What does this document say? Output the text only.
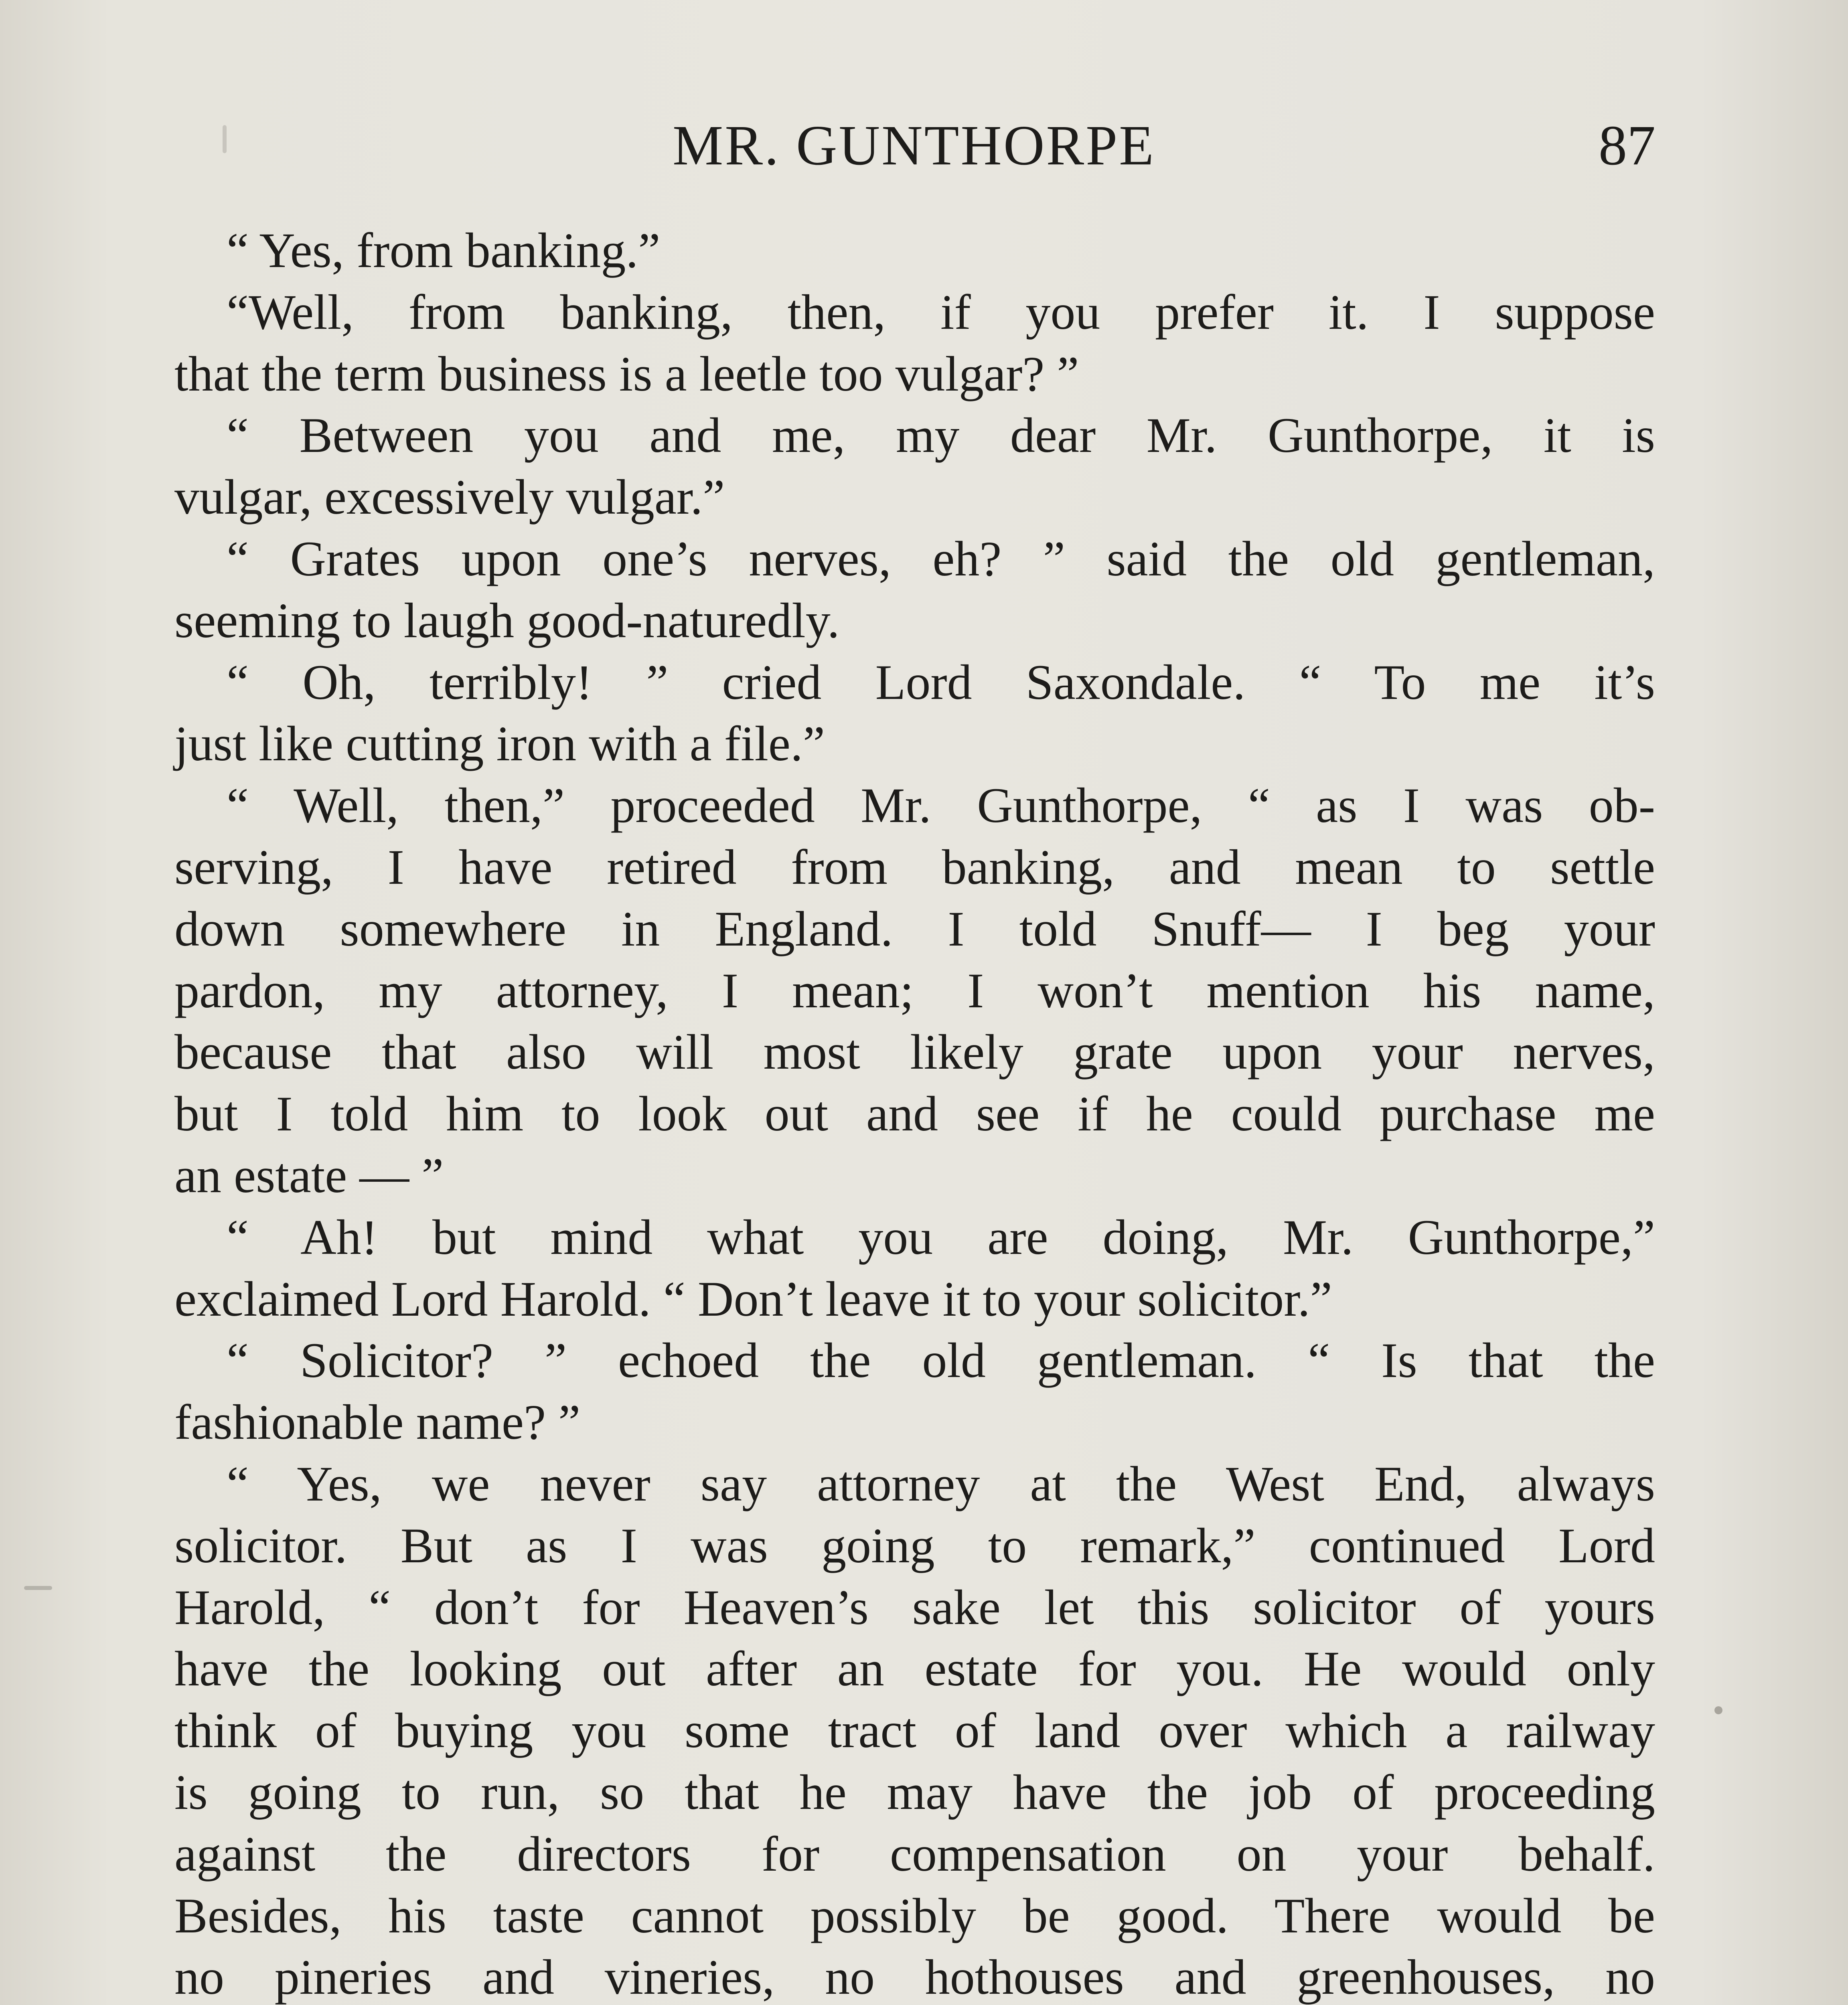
MR. GUNTHORPE	87
“ Yes, from banking.”
“Well, from banking, then, if you prefer it. I suppose
that the term business is a leetle too vulgar? ”
“ Between you and me, my dear Mr. Gunthorpe, it is
vulgar, excessively vulgar.”
“ Grates upon one’s nerves, eh? ” said the old gentleman,
seeming to laugh good-naturedly.
“ Oh, terribly! ” cried Lord Saxondale. “ To me it’s
just like cutting iron with a file.”
“ Well, then,” proceeded Mr. Gunthorpe, “ as I was ob-
serving, I have retired from banking, and mean to settle
down somewhere in England. I told Snuff— I beg your
pardon, my attorney, I mean; I won’t mention his name,
because that also will most likely grate upon your nerves,
but I told him to look out and see if he could purchase me
an estate — ”
“ Ah! but mind what you are doing, Mr. Gunthorpe,”
exclaimed Lord Harold. “ Don’t leave it to your solicitor.”
“ Solicitor? ” echoed the old gentleman. “ Is that the
fashionable name? ”
“ Yes, we never say attorney at the West End, always
solicitor. But as I was going to remark,” continued Lord
Harold, “ don’t for Heaven’s sake let this solicitor of yours
have the looking out after an estate for you. He would only
think of buying you some tract of land over which a railway
is going to run, so that he may have the job of proceeding
against the directors for compensation on your behalf.
Besides, his taste cannot possibly be good. There would be
no pineries and vineries, no hothouses and greenhouses, no
